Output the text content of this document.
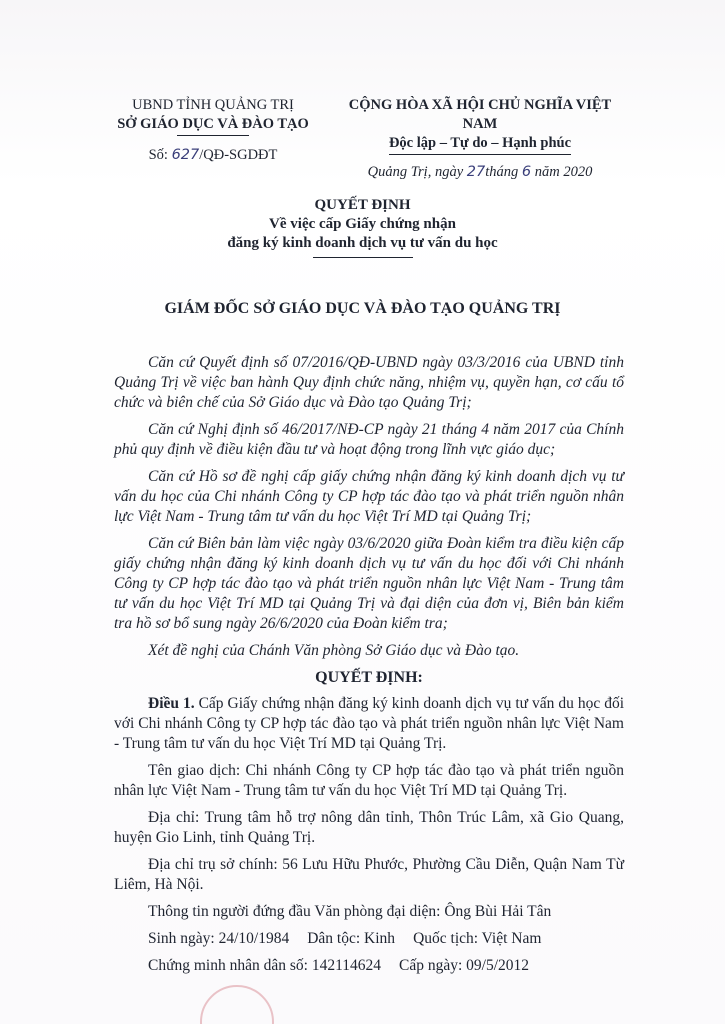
UBND TỈNH QUẢNG TRỊ
SỞ GIÁO DỤC VÀ ĐÀO TẠO
Số: 627/QĐ-SGDĐT
CỘNG HÒA XÃ HỘI CHỦ NGHĨA VIỆT NAM
Độc lập – Tự do – Hạnh phúc
Quảng Trị, ngày 27tháng 6 năm 2020
QUYẾT ĐỊNH
Về việc cấp Giấy chứng nhận
đăng ký kinh doanh dịch vụ tư vấn du học
GIÁM ĐỐC SỞ GIÁO DỤC VÀ ĐÀO TẠO QUẢNG TRỊ

Căn cứ Quyết định số 07/2016/QĐ-UBND ngày 03/3/2016 của UBND tỉnh Quảng Trị về việc ban hành Quy định chức năng, nhiệm vụ, quyền hạn, cơ cấu tổ chức và biên chế của Sở Giáo dục và Đào tạo Quảng Trị;

Căn cứ Nghị định số 46/2017/NĐ-CP ngày 21 tháng 4 năm 2017 của Chính phủ quy định về điều kiện đầu tư và hoạt động trong lĩnh vực giáo dục;

Căn cứ Hồ sơ đề nghị cấp giấy chứng nhận đăng ký kinh doanh dịch vụ tư vấn du học của Chi nhánh Công ty CP hợp tác đào tạo và phát triển nguồn nhân lực Việt Nam - Trung tâm tư vấn du học Việt Trí MD tại Quảng Trị;

Căn cứ Biên bản làm việc ngày 03/6/2020 giữa Đoàn kiểm tra điều kiện cấp giấy chứng nhận đăng ký kinh doanh dịch vụ tư vấn du học đối với Chi nhánh Công ty CP hợp tác đào tạo và phát triển nguồn nhân lực Việt Nam - Trung tâm tư vấn du học Việt Trí MD tại Quảng Trị và đại diện của đơn vị, Biên bản kiểm tra hồ sơ bổ sung ngày 26/6/2020 của Đoàn kiểm tra;

Xét đề nghị của Chánh Văn phòng Sở Giáo dục và Đào tạo.

QUYẾT ĐỊNH:

Điều 1. Cấp Giấy chứng nhận đăng ký kinh doanh dịch vụ tư vấn du học đối với Chi nhánh Công ty CP hợp tác đào tạo và phát triển nguồn nhân lực Việt Nam - Trung tâm tư vấn du học Việt Trí MD tại Quảng Trị.

Tên giao dịch: Chi nhánh Công ty CP hợp tác đào tạo và phát triển nguồn nhân lực Việt Nam - Trung tâm tư vấn du học Việt Trí MD tại Quảng Trị.

Địa chỉ: Trung tâm hỗ trợ nông dân tỉnh, Thôn Trúc Lâm, xã Gio Quang, huyện Gio Linh, tỉnh Quảng Trị.

Địa chỉ trụ sở chính: 56 Lưu Hữu Phước, Phường Cầu Diễn, Quận Nam Từ Liêm, Hà Nội.

Thông tin người đứng đầu Văn phòng đại diện: Ông Bùi Hải Tân

Sinh ngày: 24/10/1984 Dân tộc: Kinh Quốc tịch: Việt Nam
Chứng minh nhân dân số: 142114624 Cấp ngày: 09/5/2012
